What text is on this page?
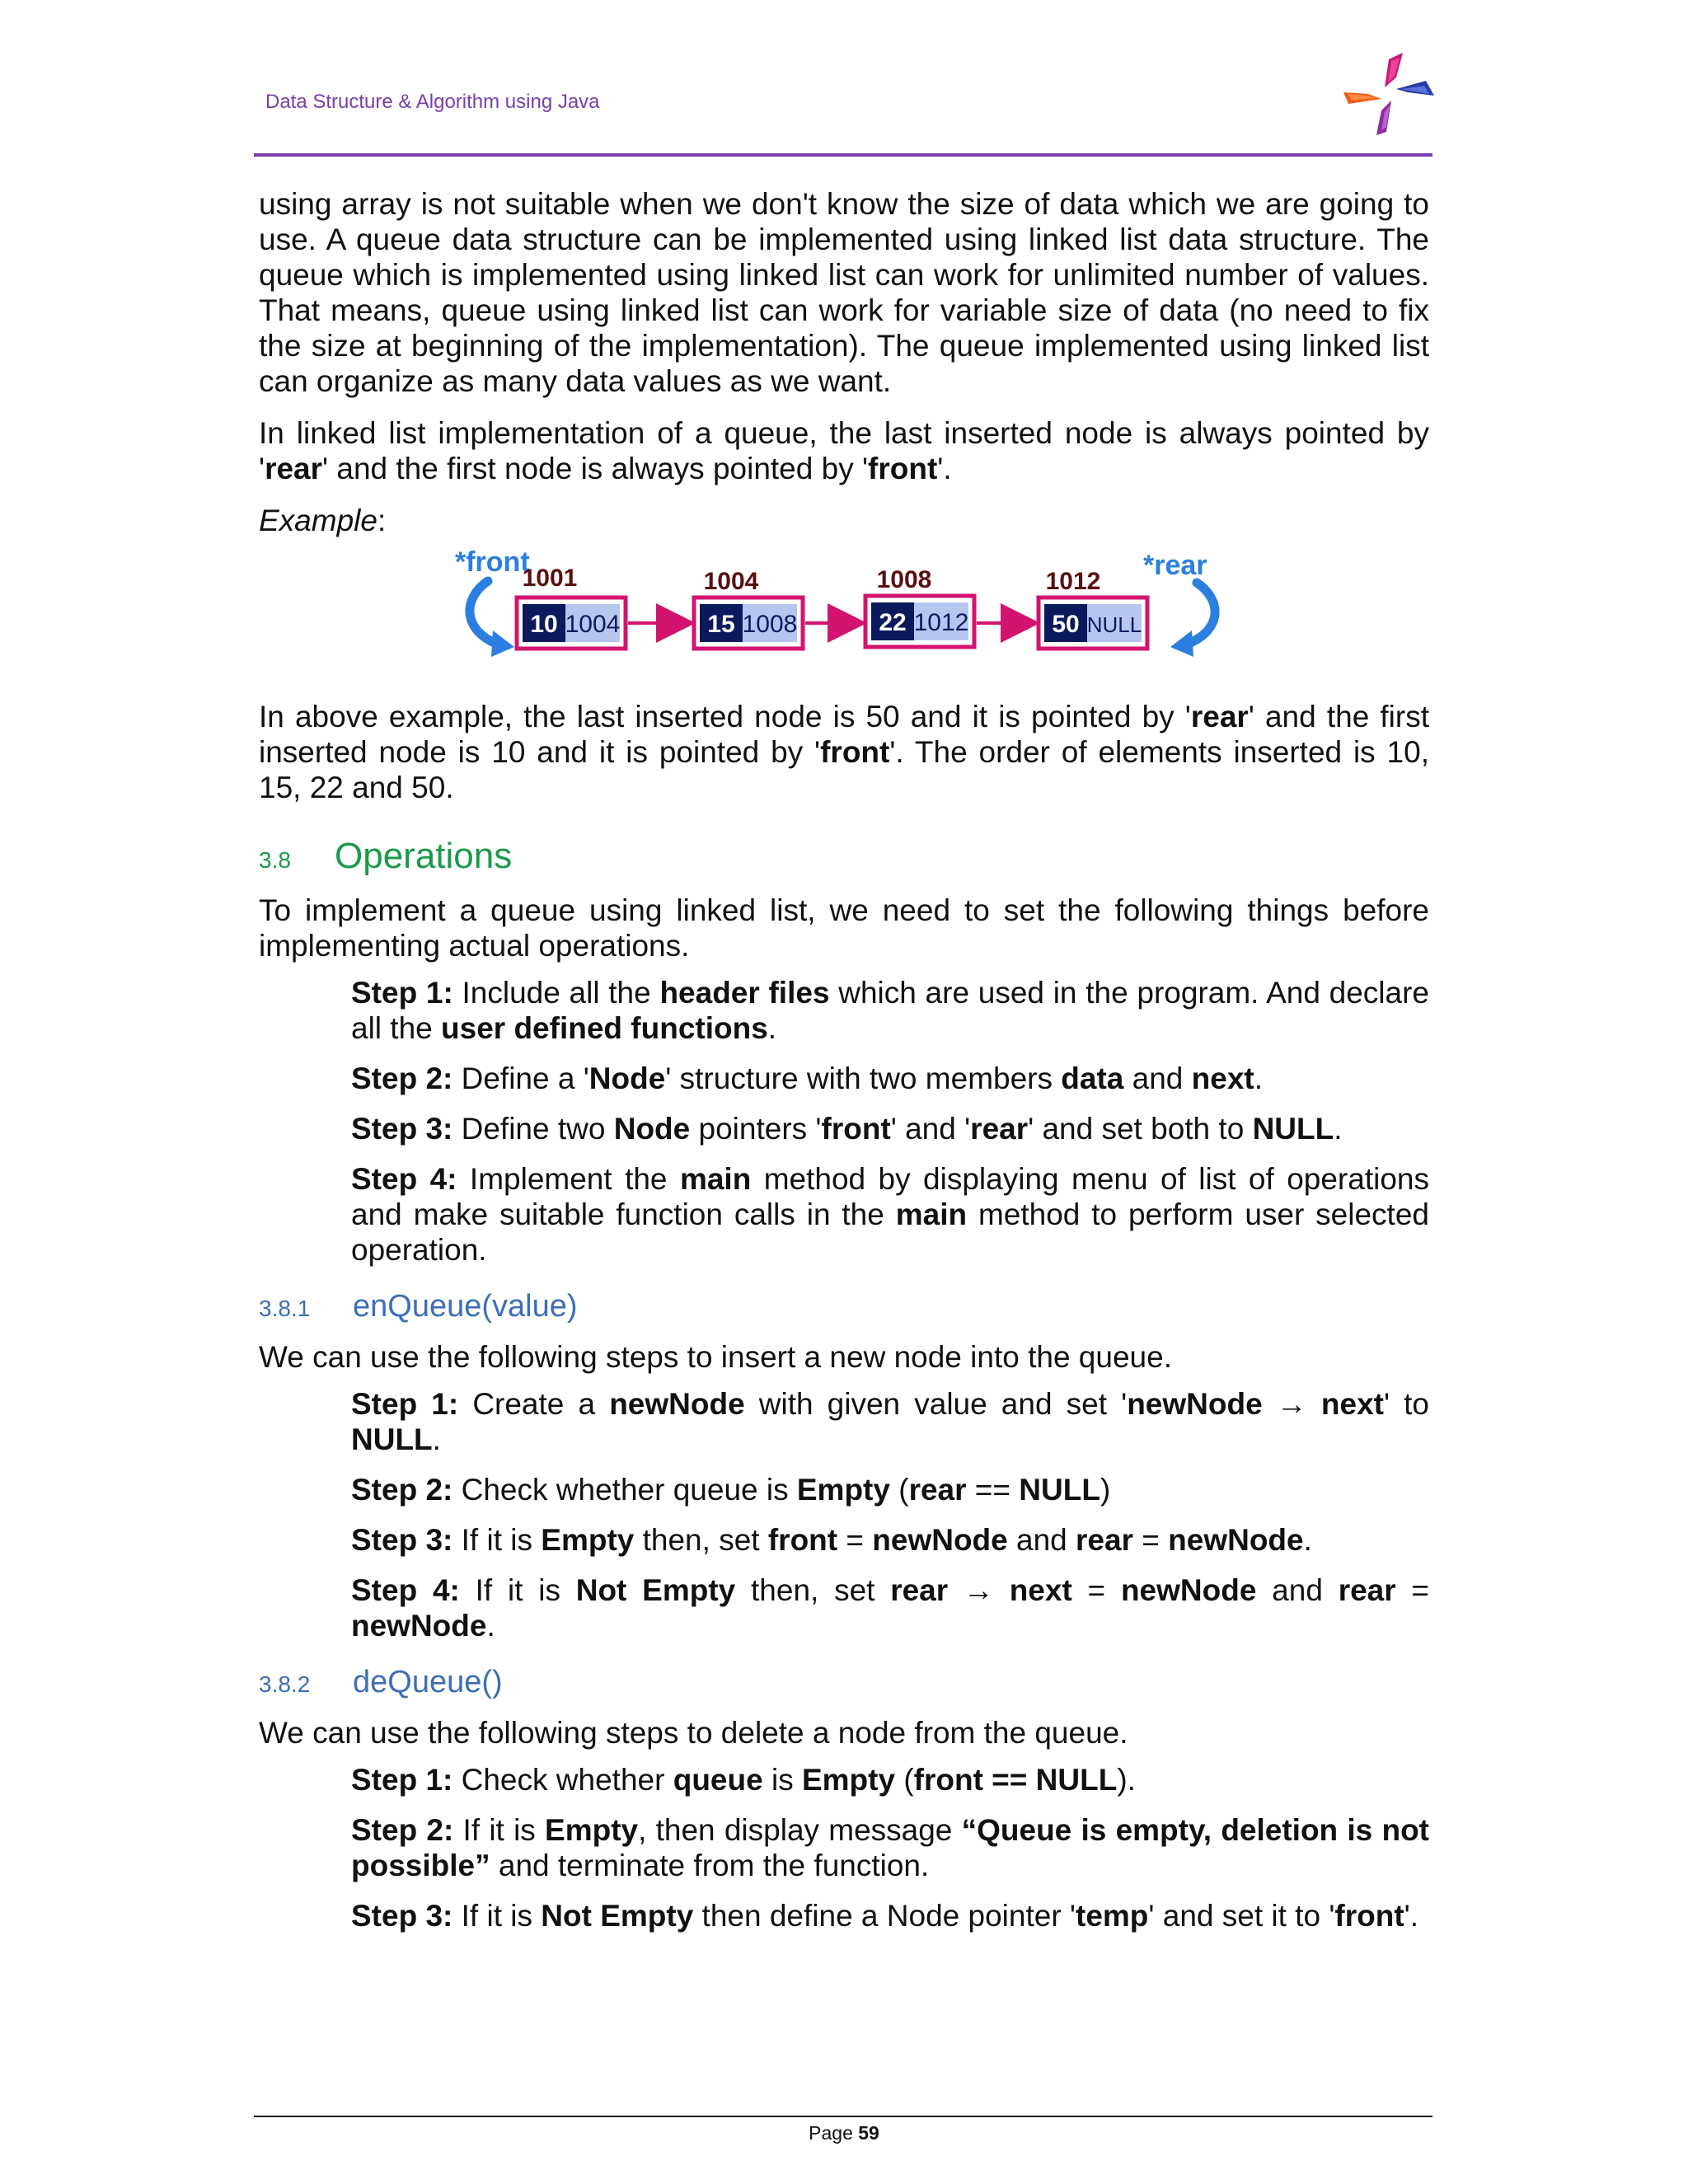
Data Structure & Algorithm using Java

using array is not suitable when we don't know the size of data which we are going to use. A queue data structure can be implemented using linked list data structure. The queue which is implemented using linked list can work for unlimited number of values. That means, queue using linked list can work for variable size of data (no need to fix the size at beginning of the implementation). The queue implemented using linked list can organize as many data values as we want.

In linked list implementation of a queue, the last inserted node is always pointed by 'rear' and the first node is always pointed by 'front'.

Example:

*front	*rear
1001
10 1004
1004
15 1008
1008
22 1012
1012
50 NULL

In above example, the last inserted node is 50 and it is pointed by 'rear' and the first inserted node is 10 and it is pointed by 'front'. The order of elements inserted is 10, 15, 22 and 50.

3.8	Operations

To implement a queue using linked list, we need to set the following things before implementing actual operations.

Step 1: Include all the header files which are used in the program. And declare all the user defined functions.

Step 2: Define a 'Node' structure with two members data and next.

Step 3: Define two Node pointers 'front' and 'rear' and set both to NULL.

Step 4: Implement the main method by displaying menu of list of operations and make suitable function calls in the main method to perform user selected operation.

3.8.1	enQueue(value)

We can use the following steps to insert a new node into the queue.

Step 1: Create a newNode with given value and set 'newNode → next' to NULL.

Step 2: Check whether queue is Empty (rear == NULL)

Step 3: If it is Empty then, set front = newNode and rear = newNode.

Step 4: If it is Not Empty then, set rear → next = newNode and rear = newNode.

3.8.2	deQueue()

We can use the following steps to delete a node from the queue.

Step 1: Check whether queue is Empty (front == NULL).

Step 2: If it is Empty, then display message “Queue is empty, deletion is not possible” and terminate from the function.

Step 3: If it is Not Empty then define a Node pointer 'temp' and set it to 'front'.

Page 59
